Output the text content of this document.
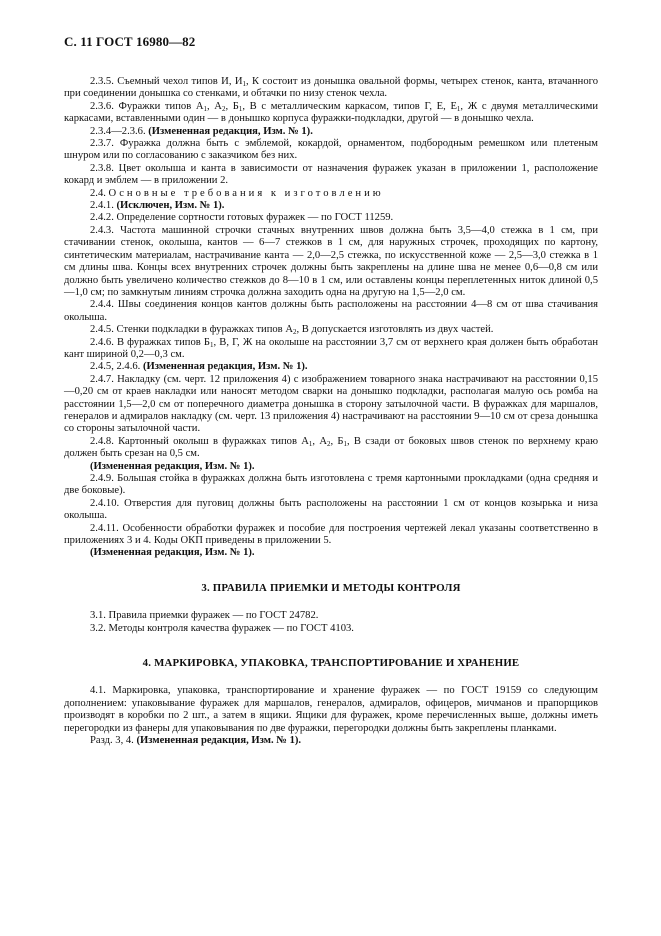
С. 11 ГОСТ 16980—82

2.3.5. Съемный чехол типов И, $И_1$, К состоит из донышка овальной формы, четырех стенок, канта, втачанного при соединении донышка со стенками, и обтачки по низу стенок чехла.

2.3.6. Фуражки типов $А_1$, $А_2$, $Б_1$, В с металлическим каркасом, типов Г, Е, $Е_1$, Ж с двумя металлическими каркасами, вставленными один — в донышко корпуса фуражки-подкладки, другой — в донышко чехла.

2.3.4—2.3.6. (Измененная редакция, Изм. № 1).

2.3.7. Фуражка должна быть с эмблемой, кокардой, орнаментом, подбородным ремешком или плетеным шнуром или по согласованию с заказчиком без них.

2.3.8. Цвет околыша и канта в зависимости от назначения фуражек указан в приложении 1, расположение кокард и эмблем — в приложении 2.

2.4. Основные требования к изготовлению

2.4.1. (Исключен, Изм. № 1).

2.4.2. Определение сортности готовых фуражек — по ГОСТ 11259.

2.4.3. Частота машинной строчки стачных внутренних швов должна быть 3,5—4,0 стежка в 1 см, при стачивании стенок, околыша, кантов — 6—7 стежков в 1 см, для наружных строчек, проходящих по картону, синтетическим материалам, настрачивание канта — 2,0—2,5 стежка, по искусственной коже — 2,5—3,0 стежка в 1 см длины шва. Концы всех внутренних строчек должны быть закреплены на длине шва не менее 0,6—0,8 см или должно быть увеличено количество стежков до 8—10 в 1 см, или оставлены концы переплетенных ниток длиной 0,5—1,0 см; по замкнутым линиям строчка должна заходить одна на другую на 1,5—2,0 см.

2.4.4. Швы соединения концов кантов должны быть расположены на расстоянии 4—8 см от шва стачивания околыша.

2.4.5. Стенки подкладки в фуражках типов $А_2$, В допускается изготовлять из двух частей.

2.4.6. В фуражках типов $Б_1$, В, Г, Ж на околыше на расстоянии 3,7 см от верхнего края должен быть обработан кант шириной 0,2—0,3 см.

2.4.5, 2.4.6. (Измененная редакция, Изм. № 1).

2.4.7. Накладку (см. черт. 12 приложения 4) с изображением товарного знака настрачивают на расстоянии 0,15—0,20 см от краев накладки или наносят методом сварки на донышко подкладки, располагая малую ось ромба на расстоянии 1,5—2,0 см от поперечного диаметра донышка в сторону затылочной части. В фуражках для маршалов, генералов и адмиралов накладку (см. черт. 13 приложения 4) настрачивают на расстоянии 9—10 см от среза донышка со стороны затылочной части.

2.4.8. Картонный околыш в фуражках типов $А_1$, $А_2$, $Б_1$, В сзади от боковых швов стенок по верхнему краю должен быть срезан на 0,5 см.

(Измененная редакция, Изм. № 1).

2.4.9. Большая стойка в фуражках должна быть изготовлена с тремя картонными прокладками (одна средняя и две боковые).

2.4.10. Отверстия для пуговиц должны быть расположены на расстоянии 1 см от концов козырька и низа околыша.

2.4.11. Особенности обработки фуражек и пособие для построения чертежей лекал указаны соответственно в приложениях 3 и 4. Коды ОКП приведены в приложении 5.

(Измененная редакция, Изм. № 1).

3. ПРАВИЛА ПРИЕМКИ И МЕТОДЫ КОНТРОЛЯ

3.1. Правила приемки фуражек — по ГОСТ 24782.

3.2. Методы контроля качества фуражек — по ГОСТ 4103.

4. МАРКИРОВКА, УПАКОВКА, ТРАНСПОРТИРОВАНИЕ И ХРАНЕНИЕ

4.1. Маркировка, упаковка, транспортирование и хранение фуражек — по ГОСТ 19159 со следующим дополнением: упаковывание фуражек для маршалов, генералов, адмиралов, офицеров, мичманов и прапорщиков производят в коробки по 2 шт., а затем в ящики. Ящики для фуражек, кроме перечисленных выше, должны иметь перегородки из фанеры для упаковывания по две фуражки, перегородки должны быть закреплены планками.

Разд. 3, 4. (Измененная редакция, Изм. № 1).
